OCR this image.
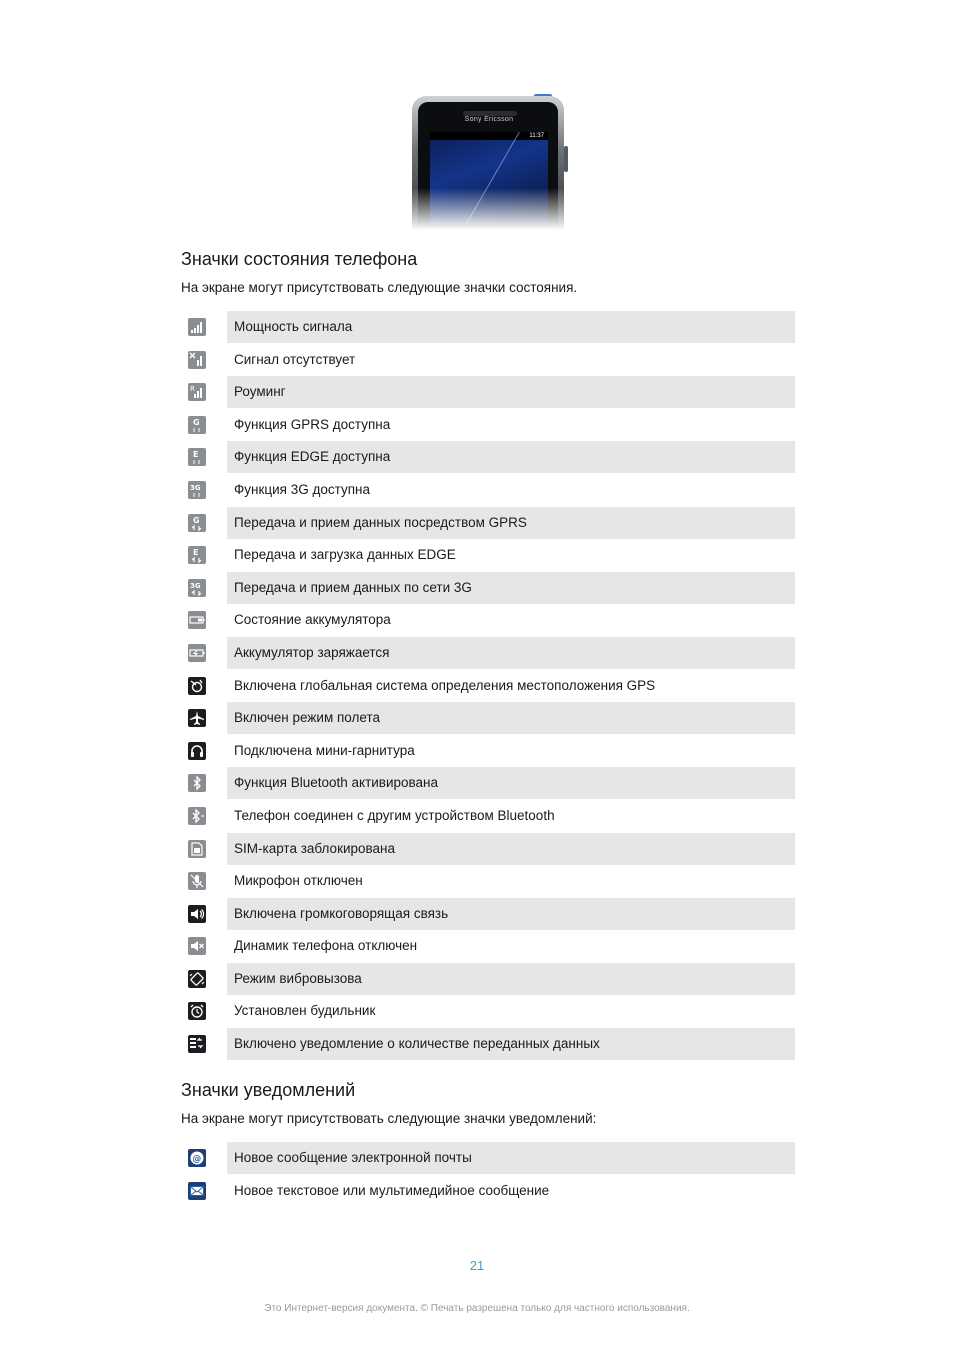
Sony Ericsson
11:37
Значки состояния телефона

На экране могут присутствовать следующие значки состояния.

Мощность сигнала
Сигнал отсутствует
R	Роуминг
G	Функция GPRS доступна
E	Функция EDGE доступна
3G	Функция 3G доступна
G	Передача и прием данных посредством GPRS
E	Передача и загрузка данных EDGE
3G	Передача и прием данных по сети 3G
Состояние аккумулятора
Аккумулятор заряжается
Включена глобальная система определения местоположения GPS
Включен режим полета
Подключена мини-гарнитура
Функция Bluetooth активирована
Телефон соединен с другим устройством Bluetooth
SIM-карта заблокирована
Микрофон отключен
Включена громкоговорящая связь
Динамик телефона отключен
Режим вибровызова
Установлен будильник
Включено уведомление о количестве переданных данных
Значки уведомлений

На экране могут присутствовать следующие значки уведомлений:

@	Новое сообщение электронной почты
Новое текстовое или мультимедийное сообщение
21
Это Интернет-версия документа. © Печать разрешена только для частного использования.
